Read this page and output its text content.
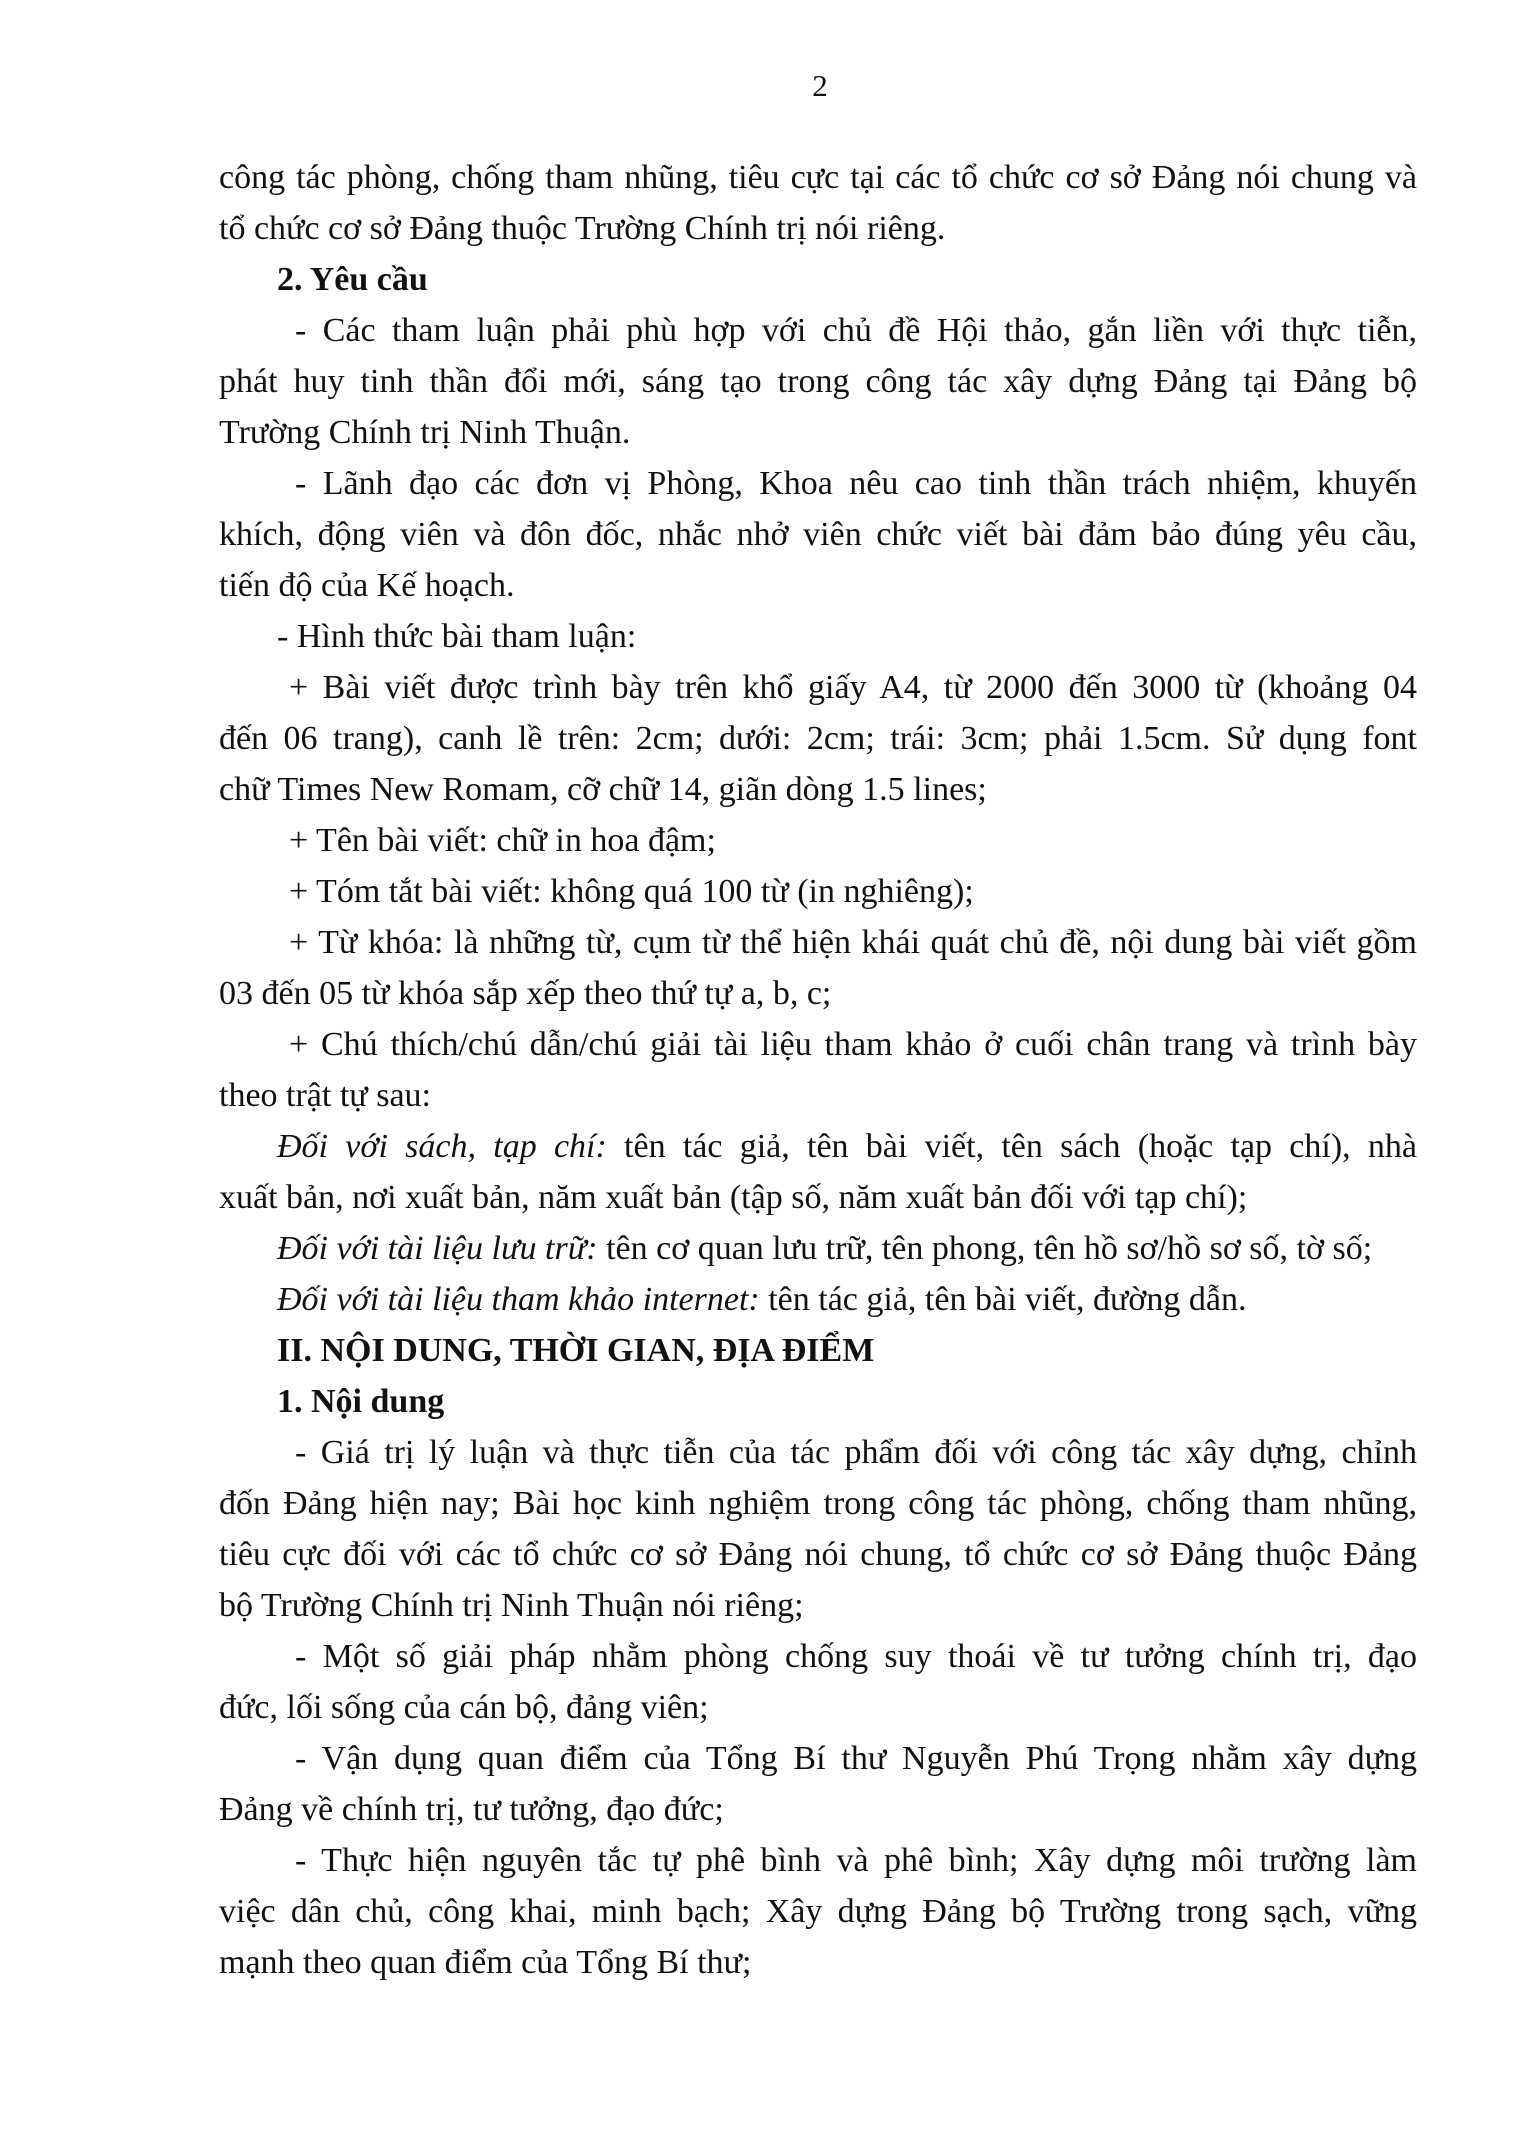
2
công tác phòng, chống tham nhũng, tiêu cực tại các tổ chức cơ sở Đảng nói chung và
tổ chức cơ sở Đảng thuộc Trường Chính trị nói riêng.
2. Yêu cầu
- Các tham luận phải phù hợp với chủ đề Hội thảo, gắn liền với thực tiễn,
phát huy tinh thần đổi mới, sáng tạo trong công tác xây dựng Đảng tại Đảng bộ
Trường Chính trị Ninh Thuận.
- Lãnh đạo các đơn vị Phòng, Khoa nêu cao tinh thần trách nhiệm, khuyến
khích, động viên và đôn đốc, nhắc nhở viên chức viết bài đảm bảo đúng yêu cầu,
tiến độ của Kế hoạch.
- Hình thức bài tham luận:
+ Bài viết được trình bày trên khổ giấy A4, từ 2000 đến 3000 từ (khoảng 04
đến 06 trang), canh lề trên: 2cm; dưới: 2cm; trái: 3cm; phải 1.5cm. Sử dụng font
chữ Times New Romam, cỡ chữ 14, giãn dòng 1.5 lines;
+ Tên bài viết: chữ in hoa đậm;
+ Tóm tắt bài viết: không quá 100 từ (in nghiêng);
+ Từ khóa: là những từ, cụm từ thể hiện khái quát chủ đề, nội dung bài viết gồm
03 đến 05 từ khóa sắp xếp theo thứ tự a, b, c;
+ Chú thích/chú dẫn/chú giải tài liệu tham khảo ở cuối chân trang và trình bày
theo trật tự sau:
Đối với sách, tạp chí: tên tác giả, tên bài viết, tên sách (hoặc tạp chí), nhà
xuất bản, nơi xuất bản, năm xuất bản (tập số, năm xuất bản đối với tạp chí);
Đối với tài liệu lưu trữ: tên cơ quan lưu trữ, tên phong, tên hồ sơ/hồ sơ số, tờ số;
Đối với tài liệu tham khảo internet: tên tác giả, tên bài viết, đường dẫn.
II. NỘI DUNG, THỜI GIAN, ĐỊA ĐIỂM
1. Nội dung
- Giá trị lý luận và thực tiễn của tác phẩm đối với công tác xây dựng, chỉnh
đốn Đảng hiện nay; Bài học kinh nghiệm trong công tác phòng, chống tham nhũng,
tiêu cực đối với các tổ chức cơ sở Đảng nói chung, tổ chức cơ sở Đảng thuộc Đảng
bộ Trường Chính trị Ninh Thuận nói riêng;
- Một số giải pháp nhằm phòng chống suy thoái về tư tưởng chính trị, đạo
đức, lối sống của cán bộ, đảng viên;
- Vận dụng quan điểm của Tổng Bí thư Nguyễn Phú Trọng nhằm xây dựng
Đảng về chính trị, tư tưởng, đạo đức;
- Thực hiện nguyên tắc tự phê bình và phê bình; Xây dựng môi trường làm
việc dân chủ, công khai, minh bạch; Xây dựng Đảng bộ Trường trong sạch, vững
mạnh theo quan điểm của Tổng Bí thư;
